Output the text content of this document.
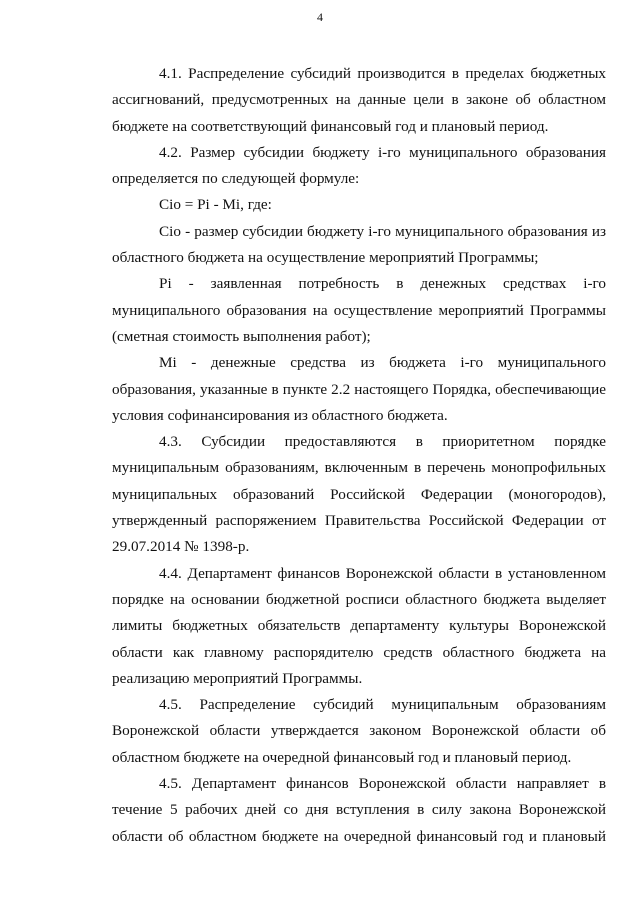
4

4.1. Распределение субсидий производится в пределах бюджетных ассигнований, предусмотренных на данные цели в законе об областном бюджете на соответствующий финансовый год и плановый период.

4.2. Размер субсидии бюджету i-го муниципального образования определяется по следующей формуле:

Сiо = Рi - Мi, где:

Сiо - размер субсидии бюджету i-го муниципального образования из областного бюджета на осуществление мероприятий Программы;

Рi - заявленная потребность в денежных средствах i-го муниципального образования на осуществление мероприятий Программы (сметная стоимость выполнения работ);

Мi - денежные средства из бюджета i-го муниципального образования, указанные в пункте 2.2 настоящего Порядка, обеспечивающие условия софинансирования из областного бюджета.

4.3. Субсидии предоставляются в приоритетном порядке муниципальным образованиям, включенным в перечень монопрофильных муниципальных образований Российской Федерации (моногородов), утвержденный распоряжением Правительства Российской Федерации от 29.07.2014 № 1398-р.

4.4. Департамент финансов Воронежской области в установленном порядке на основании бюджетной росписи областного бюджета выделяет лимиты бюджетных обязательств департаменту культуры Воронежской области как главному распорядителю средств областного бюджета на реализацию мероприятий Программы.

4.5. Распределение субсидий муниципальным образованиям Воронежской области утверждается законом Воронежской области об областном бюджете на очередной финансовый год и плановый период.

4.5. Департамент финансов Воронежской области направляет в течение 5 рабочих дней со дня вступления в силу закона Воронежской области об областном бюджете на очередной финансовый год и плановый
